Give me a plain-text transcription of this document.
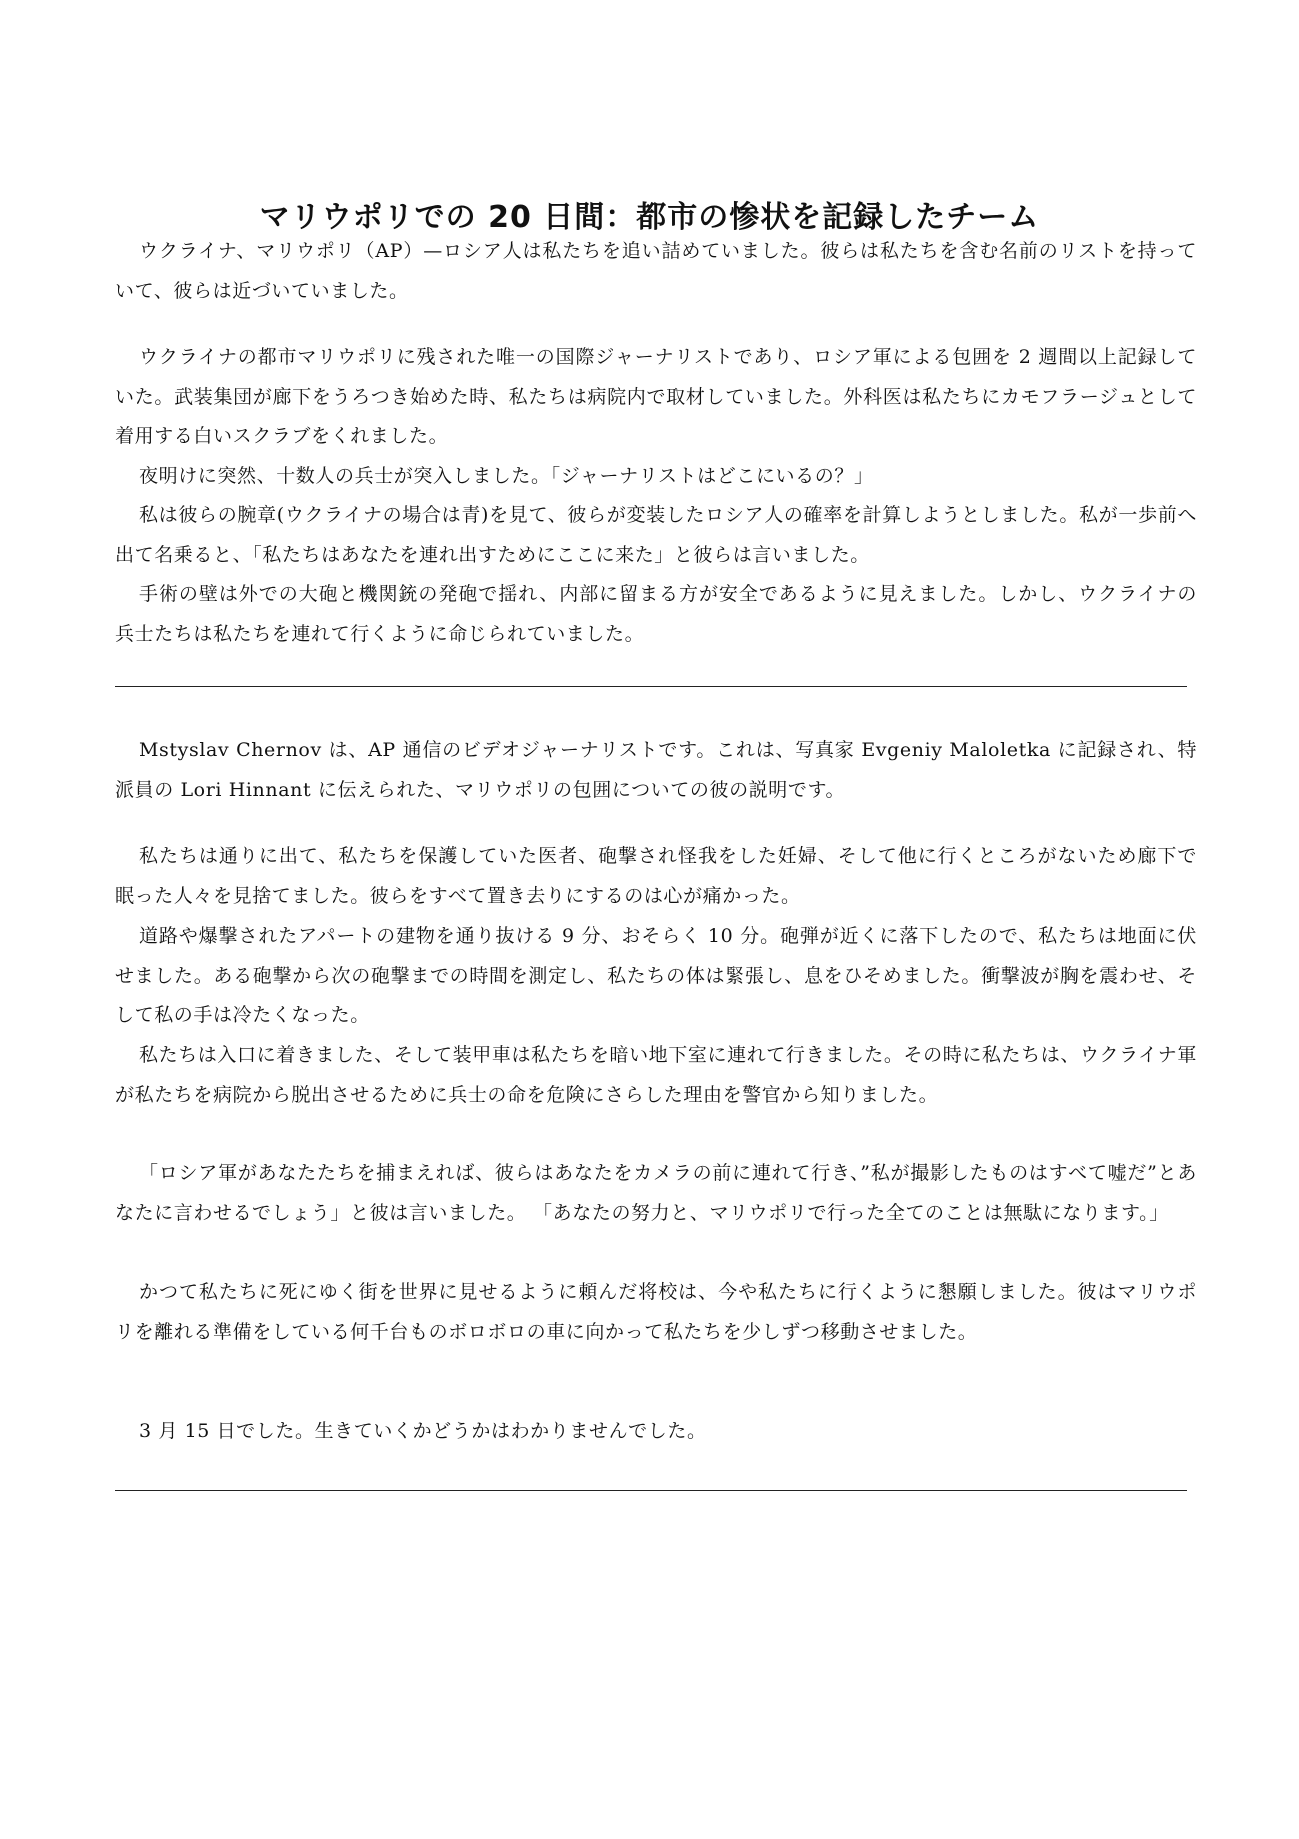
マリウポリでの 20 日間：都市の惨状を記録したチーム

ウクライナ、マリウポリ（AP）—ロシア人は私たちを追い詰めていました。彼らは私たちを含む名前のリストを持っていて、彼らは近づいていました。

ウクライナの都市マリウポリに残された唯一の国際ジャーナリストであり、ロシア軍による包囲を 2 週間以上記録していた。武装集団が廊下をうろつき始めた時、私たちは病院内で取材していました。外科医は私たちにカモフラージュとして着用する白いスクラブをくれました。

夜明けに突然、十数人の兵士が突入しました。「ジャーナリストはどこにいるの？」

私は彼らの腕章(ウクライナの場合は青)を見て、彼らが変装したロシア人の確率を計算しようとしました。私が一歩前へ出て名乗ると、「私たちはあなたを連れ出すためにここに来た」と彼らは言いました。

手術の壁は外での大砲と機関銃の発砲で揺れ、内部に留まる方が安全であるように見えました。しかし、ウクライナの兵士たちは私たちを連れて行くように命じられていました。

Mstyslav Chernov は、AP 通信のビデオジャーナリストです。これは、写真家 Evgeniy Maloletka に記録され、特派員の Lori Hinnant に伝えられた、マリウポリの包囲についての彼の説明です。

私たちは通りに出て、私たちを保護していた医者、砲撃され怪我をした妊婦、そして他に行くところがないため廊下で眠った人々を見捨てました。彼らをすべて置き去りにするのは心が痛かった。

道路や爆撃されたアパートの建物を通り抜ける 9 分、おそらく 10 分。砲弾が近くに落下したので、私たちは地面に伏せました。ある砲撃から次の砲撃までの時間を測定し、私たちの体は緊張し、息をひそめました。衝撃波が胸を震わせ、そして私の手は冷たくなった。

私たちは入口に着きました、そして装甲車は私たちを暗い地下室に連れて行きました。その時に私たちは、ウクライナ軍が私たちを病院から脱出させるために兵士の命を危険にさらした理由を警官から知りました。

「ロシア軍があなたたちを捕まえれば、彼らはあなたをカメラの前に連れて行き、”私が撮影したものはすべて嘘だ”とあなたに言わせるでしょう」と彼は言いました。 「あなたの努力と、マリウポリで行った全てのことは無駄になります。」

かつて私たちに死にゆく街を世界に見せるように頼んだ将校は、今や私たちに行くように懇願しました。彼はマリウポリを離れる準備をしている何千台ものボロボロの車に向かって私たちを少しずつ移動させました。

3 月 15 日でした。生きていくかどうかはわかりませんでした。
